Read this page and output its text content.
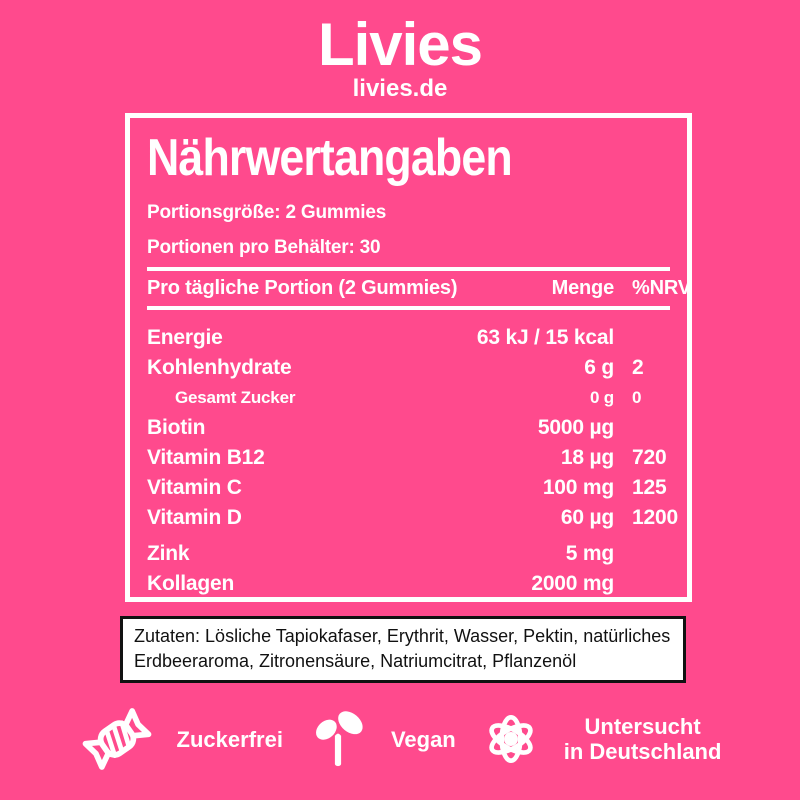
Livies
livies.de
Nährwertangaben
Portionsgröße: 2 Gummies
Portionen pro Behälter: 30
Pro tägliche Portion (2 Gummies)	Menge %NRV
Energie	63 kJ / 15 kcal
Kohlenhydrate	6 g 2
Gesamt Zucker	0 g	0
Biotin	5000 µg
Vitamin B12	18 µg 720
Vitamin C	100 mg 125
Vitamin D	60 µg 1200
Zink	5 mg
Kollagen	2000 mg
Zutaten: Lösliche Tapiokafaser, Erythrit, Wasser, Pektin, natürliches Erdbeeraroma, Zitronensäure, Natriumcitrat, Pflanzenöl
Zuckerfrei	Vegan	Untersucht
in Deutschland
